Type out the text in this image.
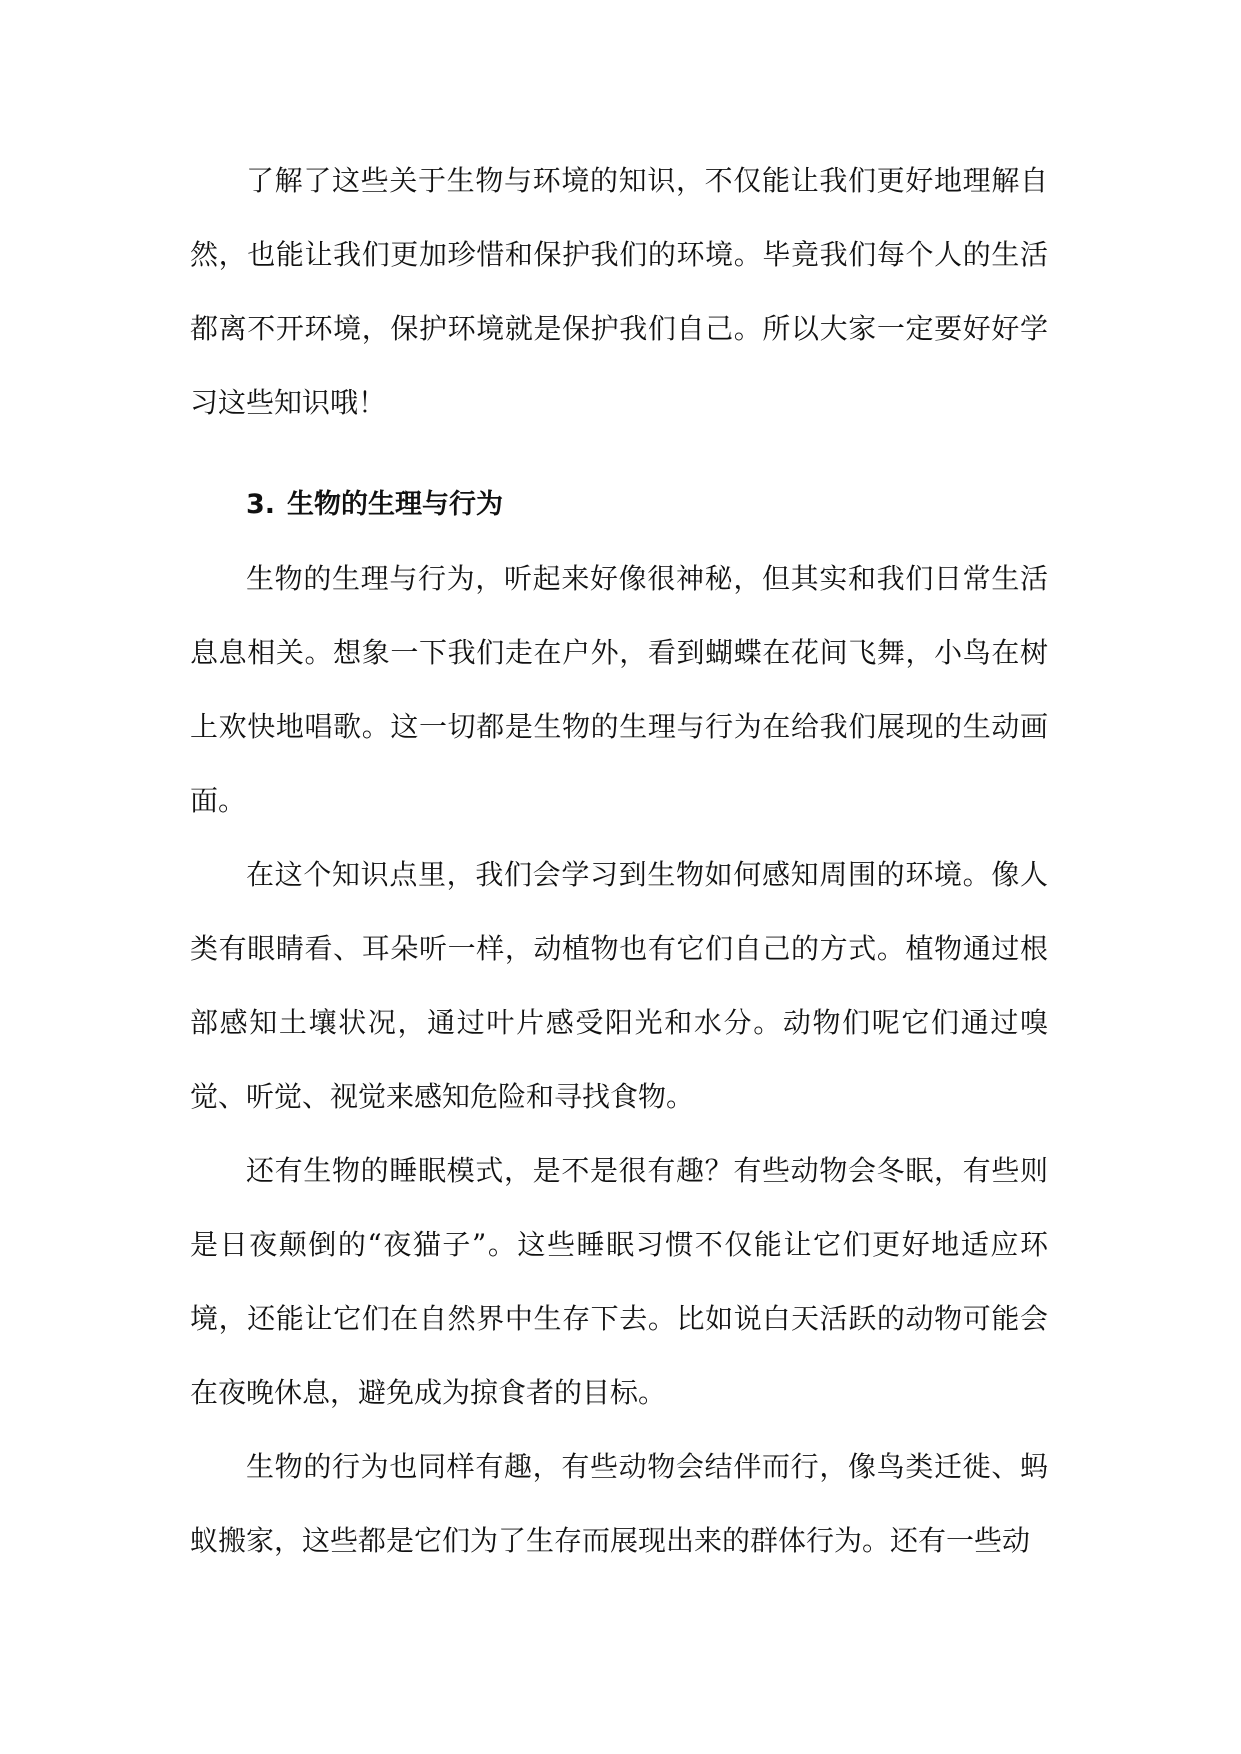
了解了这些关于生物与环境的知识，不仅能让我们更好地理解自然，也能让我们更加珍惜和保护我们的环境。毕竟我们每个人的生活都离不开环境，保护环境就是保护我们自己。所以大家一定要好好学习这些知识哦！

3. 生物的生理与行为

生物的生理与行为，听起来好像很神秘，但其实和我们日常生活息息相关。想象一下我们走在户外，看到蝴蝶在花间飞舞，小鸟在树上欢快地唱歌。这一切都是生物的生理与行为在给我们展现的生动画面。

在这个知识点里，我们会学习到生物如何感知周围的环境。像人类有眼睛看、耳朵听一样，动植物也有它们自己的方式。植物通过根部感知土壤状况，通过叶片感受阳光和水分。动物们呢它们通过嗅觉、听觉、视觉来感知危险和寻找食物。

还有生物的睡眠模式，是不是很有趣？有些动物会冬眠，有些则是日夜颠倒的“夜猫子”。这些睡眠习惯不仅能让它们更好地适应环境，还能让它们在自然界中生存下去。比如说白天活跃的动物可能会在夜晚休息，避免成为掠食者的目标。

生物的行为也同样有趣，有些动物会结伴而行，像鸟类迁徙、蚂蚁搬家，这些都是它们为了生存而展现出来的群体行为。还有一些动
